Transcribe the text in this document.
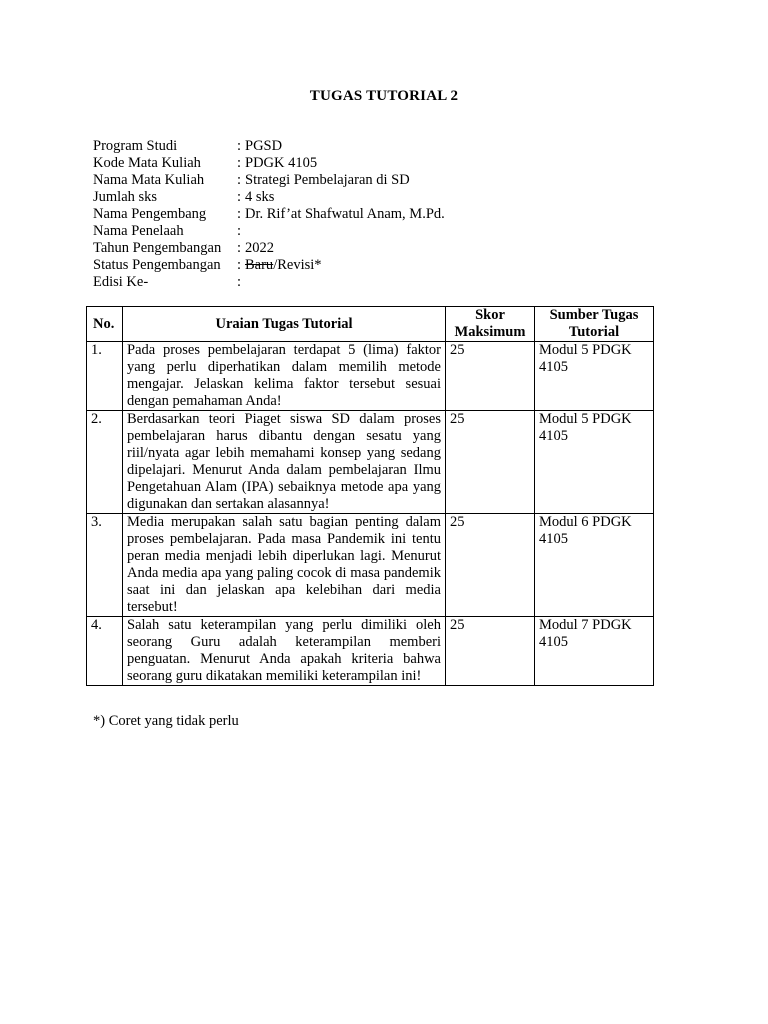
TUGAS TUTORIAL 2
Program Studi	: PGSD
Kode Mata Kuliah	: PDGK 4105
Nama Mata Kuliah	: Strategi Pembelajaran di SD
Jumlah sks	: 4 sks
Nama Pengembang	: Dr. Rif’at Shafwatul Anam, M.Pd.
Nama Penelaah	:
Tahun Pengembangan	: 2022
Status Pengembangan	: Baru/Revisi*
Edisi Ke-	:
No.	Uraian Tugas Tutorial	Skor Maksimum	Sumber Tugas Tutorial
1.	Pada proses pembelajaran terdapat 5 (lima) faktor yang perlu diperhatikan dalam memilih metode mengajar. Jelaskan kelima faktor tersebut sesuai dengan pemahaman Anda!	25	Modul 5 PDGK 4105
2.	Berdasarkan teori Piaget siswa SD dalam proses pembelajaran harus dibantu dengan sesatu yang riil/nyata agar lebih memahami konsep yang sedang dipelajari. Menurut Anda dalam pembelajaran Ilmu Pengetahuan Alam (IPA) sebaiknya metode apa yang digunakan dan sertakan alasannya!	25	Modul 5 PDGK 4105
3.	Media merupakan salah satu bagian penting dalam proses pembelajaran. Pada masa Pandemik ini tentu peran media menjadi lebih diperlukan lagi. Menurut Anda media apa yang paling cocok di masa pandemik saat ini dan jelaskan apa kelebihan dari media tersebut!	25	Modul 6 PDGK 4105
4.	Salah satu keterampilan yang perlu dimiliki oleh seorang Guru adalah keterampilan memberi penguatan. Menurut Anda apakah kriteria bahwa seorang guru dikatakan memiliki keterampilan ini!	25	Modul 7 PDGK 4105
*) Coret yang tidak perlu
